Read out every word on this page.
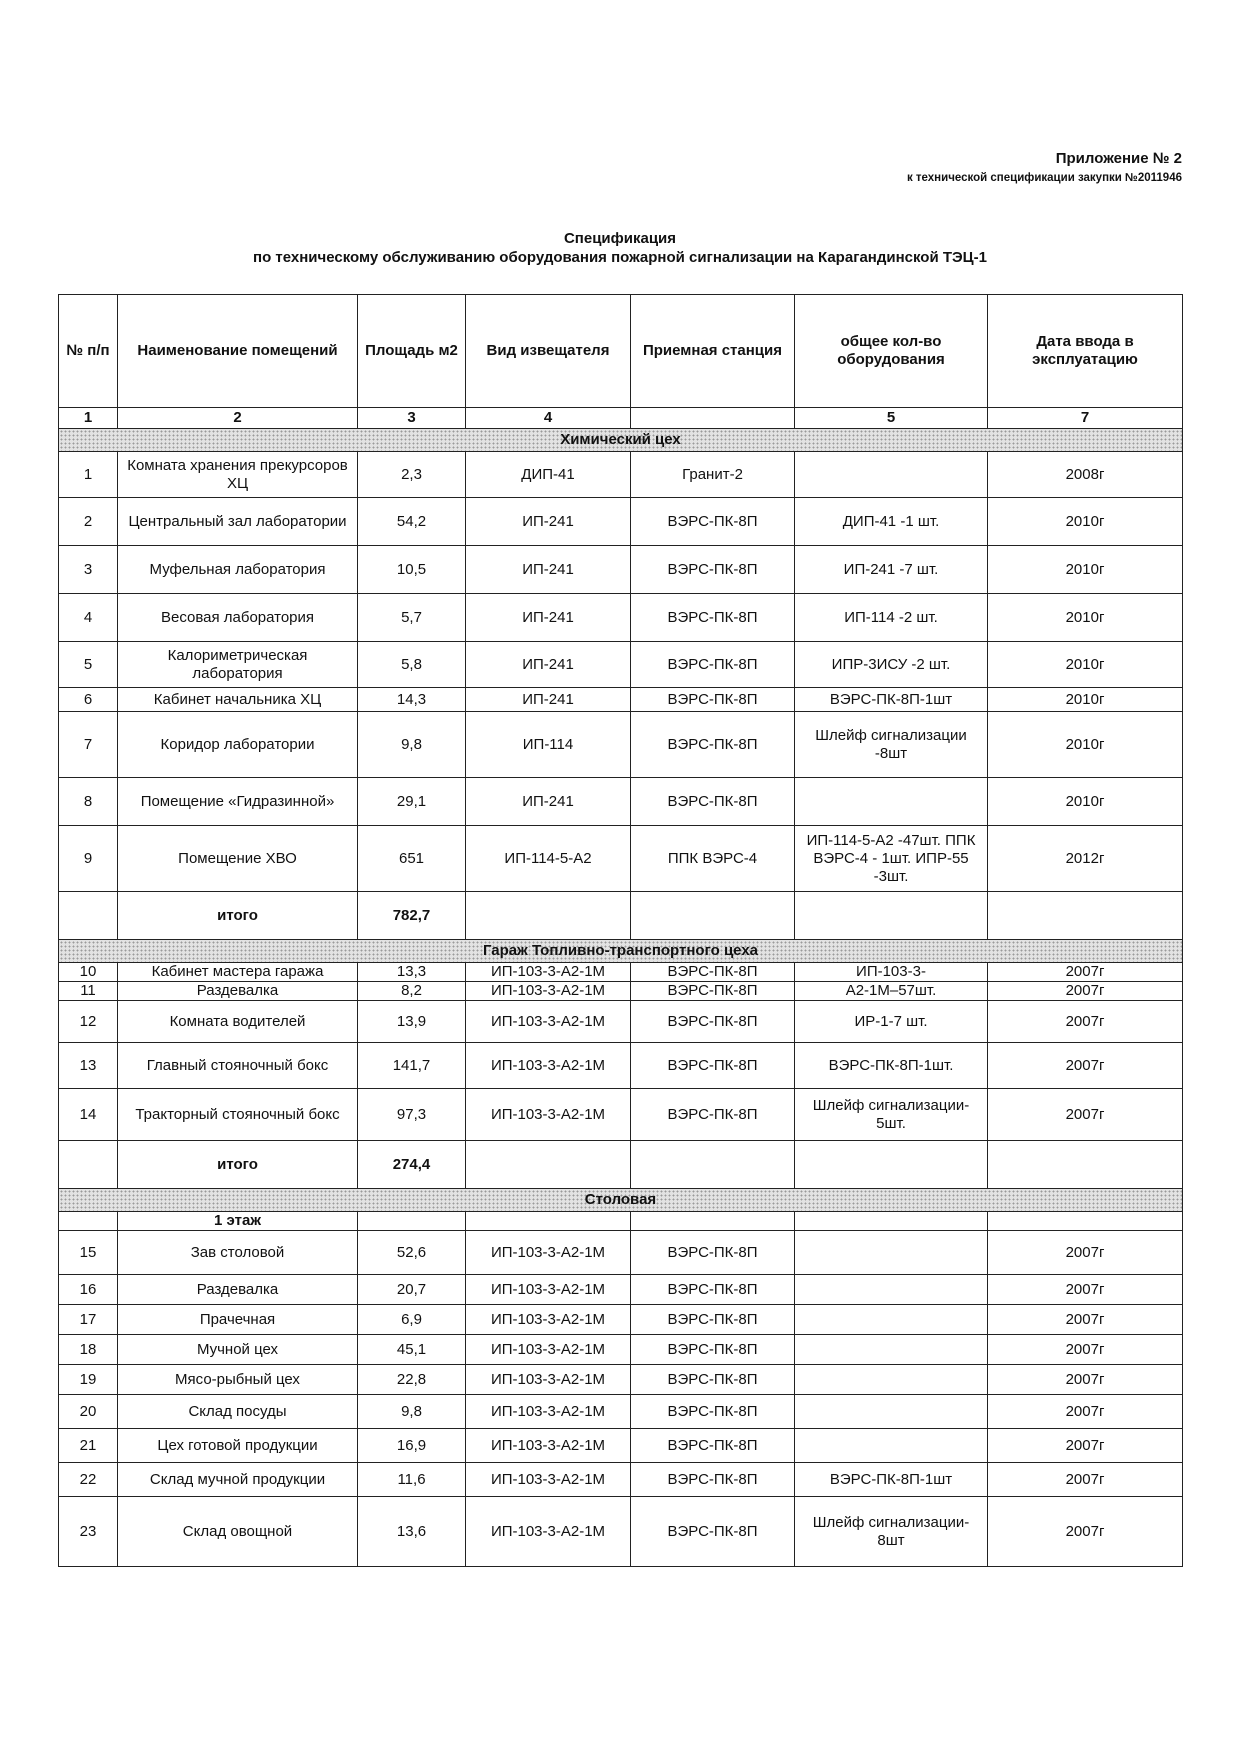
Приложение № 2
к технической спецификации закупки №2011946
Спецификация
по техническому обслуживанию оборудования пожарной сигнализации на Карагандинской ТЭЦ-1
№ п/п	Наименование помещений	Площадь м2	Вид извещателя	Приемная станция	общее кол-во оборудования	Дата ввода в эксплуатацию
1	2	3	4		5	7
Химический цех						
1	Комната хранения прекурсоров ХЦ	2,3	ДИП-41	Гранит-2		2008г
2	Центральный зал лаборатории	54,2	ИП-241	ВЭРС-ПК-8П	ДИП-41 -1 шт.	2010г
3	Муфельная лаборатория	10,5	ИП-241	ВЭРС-ПК-8П	ИП-241 -7 шт.	2010г
4	Весовая лаборатория	5,7	ИП-241	ВЭРС-ПК-8П	ИП-114 -2 шт.	2010г
5	Калориметрическая лаборатория	5,8	ИП-241	ВЭРС-ПК-8П	ИПР-3ИСУ -2 шт.	2010г
6	Кабинет начальника ХЦ	14,3	ИП-241	ВЭРС-ПК-8П	ВЭРС-ПК-8П-1шт	2010г
7	Коридор лаборатории	9,8	ИП-114	ВЭРС-ПК-8П	Шлейф сигнализации -8шт	2010г
8	Помещение «Гидразинной»	29,1	ИП-241	ВЭРС-ПК-8П		2010г
9	Помещение ХВО	651	ИП-114-5-А2	ППК ВЭРС-4	ИП-114-5-А2 -47шт. ППК ВЭРС-4 - 1шт. ИПР-55 -3шт.	2012г
	итого	782,7				
Гараж Топливно-транспортного цеха						
10	Кабинет мастера гаража	13,3	ИП-103-3-А2-1М	ВЭРС-ПК-8П	ИП-103-3-	2007г
11	Раздевалка	8,2	ИП-103-3-А2-1М	ВЭРС-ПК-8П	А2-1М–57шт.	2007г
12	Комната водителей	13,9	ИП-103-3-А2-1М	ВЭРС-ПК-8П	ИР-1-7 шт.	2007г
13	Главный стояночный бокс	141,7	ИП-103-3-А2-1М	ВЭРС-ПК-8П	ВЭРС-ПК-8П-1шт.	2007г
14	Тракторный стояночный бокс	97,3	ИП-103-3-А2-1М	ВЭРС-ПК-8П	Шлейф сигнализации- 5шт.	2007г
	итого	274,4				
Столовая						
	1 этаж					
15	Зав столовой	52,6	ИП-103-3-А2-1М	ВЭРС-ПК-8П		2007г
16	Раздевалка	20,7	ИП-103-3-А2-1М	ВЭРС-ПК-8П		2007г
17	Прачечная	6,9	ИП-103-3-А2-1М	ВЭРС-ПК-8П		2007г
18	Мучной цех	45,1	ИП-103-3-А2-1М	ВЭРС-ПК-8П		2007г
19	Мясо-рыбный цех	22,8	ИП-103-3-А2-1М	ВЭРС-ПК-8П		2007г
20	Склад посуды	9,8	ИП-103-3-А2-1М	ВЭРС-ПК-8П		2007г
21	Цех готовой продукции	16,9	ИП-103-3-А2-1М	ВЭРС-ПК-8П		2007г
22	Склад мучной продукции	11,6	ИП-103-3-А2-1М	ВЭРС-ПК-8П	ВЭРС-ПК-8П-1шт	2007г
23	Склад овощной	13,6	ИП-103-3-А2-1М	ВЭРС-ПК-8П	Шлейф сигнализации- 8шт	2007г
